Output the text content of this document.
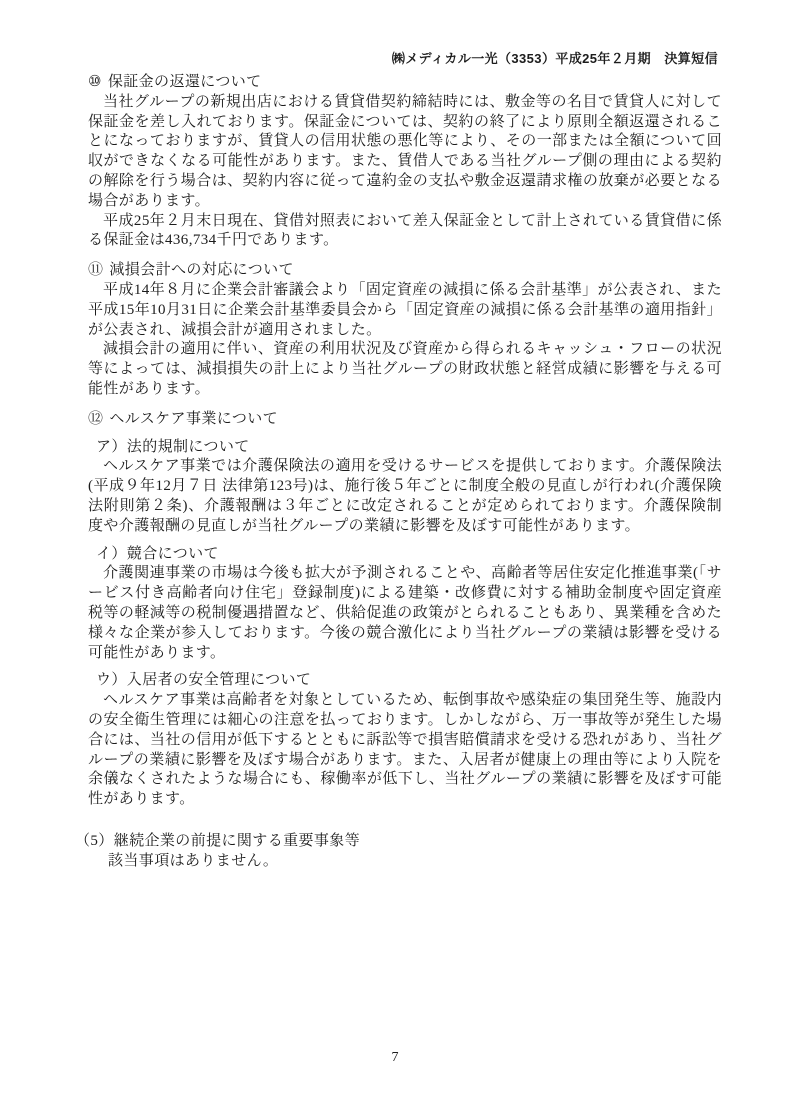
㈱メディカル一光（3353）平成25年２月期　決算短信
⑩ 保証金の返還について

当社グループの新規出店における賃貸借契約締結時には、敷金等の名目で賃貸人に対して保証金を差し入れております。保証金については、契約の終了により原則全額返還されることになっておりますが、賃貸人の信用状態の悪化等により、その一部または全額について回収ができなくなる可能性があります。また、賃借人である当社グループ側の理由による契約の解除を行う場合は、契約内容に従って違約金の支払や敷金返還請求権の放棄が必要となる場合があります。

平成25年２月末日現在、貸借対照表において差入保証金として計上されている賃貸借に係る保証金は436,734千円であります。

⑪ 減損会計への対応について

平成14年８月に企業会計審議会より「固定資産の減損に係る会計基準」が公表され、また平成15年10月31日に企業会計基準委員会から「固定資産の減損に係る会計基準の適用指針」が公表され、減損会計が適用されました。

減損会計の適用に伴い、資産の利用状況及び資産から得られるキャッシュ・フローの状況等によっては、減損損失の計上により当社グループの財政状態と経営成績に影響を与える可能性があります。

⑫ ヘルスケア事業について
ア）法的規制について

ヘルスケア事業では介護保険法の適用を受けるサービスを提供しております。介護保険法(平成９年12月７日 法律第123号)は、施行後５年ごとに制度全般の見直しが行われ(介護保険法附則第２条)、介護報酬は３年ごとに改定されることが定められております。介護保険制度や介護報酬の見直しが当社グループの業績に影響を及ぼす可能性があります。

イ）競合について

介護関連事業の市場は今後も拡大が予測されることや、高齢者等居住安定化推進事業(「サービス付き高齢者向け住宅」登録制度)による建築・改修費に対する補助金制度や固定資産税等の軽減等の税制優遇措置など、供給促進の政策がとられることもあり、異業種を含めた様々な企業が参入しております。今後の競合激化により当社グループの業績は影響を受ける可能性があります。

ウ）入居者の安全管理について

ヘルスケア事業は高齢者を対象としているため、転倒事故や感染症の集団発生等、施設内の安全衛生管理には細心の注意を払っております。しかしながら、万一事故等が発生した場合には、当社の信用が低下するとともに訴訟等で損害賠償請求を受ける恐れがあり、当社グループの業績に影響を及ぼす場合があります。また、入居者が健康上の理由等により入院を余儀なくされたような場合にも、稼働率が低下し、当社グループの業績に影響を及ぼす可能性があります。

（5）継続企業の前提に関する重要事象等

該当事項はありません。

7
